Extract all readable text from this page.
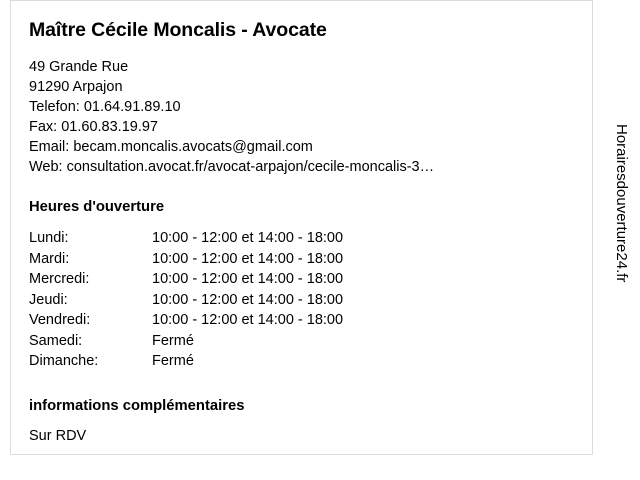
Maître Cécile Moncalis - Avocate
49 Grande Rue
91290 Arpajon
Telefon: 01.64.91.89.10
Fax: 01.60.83.19.97
Email: becam.moncalis.avocats@gmail.com
Web: consultation.avocat.fr/avocat-arpajon/cecile-moncalis-3…
Heures d'ouverture
Lundi:	10:00 - 12:00 et 14:00 - 18:00
Mardi:	10:00 - 12:00 et 14:00 - 18:00
Mercredi:	10:00 - 12:00 et 14:00 - 18:00
Jeudi:	10:00 - 12:00 et 14:00 - 18:00
Vendredi:	10:00 - 12:00 et 14:00 - 18:00
Samedi:	Fermé
Dimanche:	Fermé
informations complémentaires
Sur RDV
Horairesdouverture24.fr
